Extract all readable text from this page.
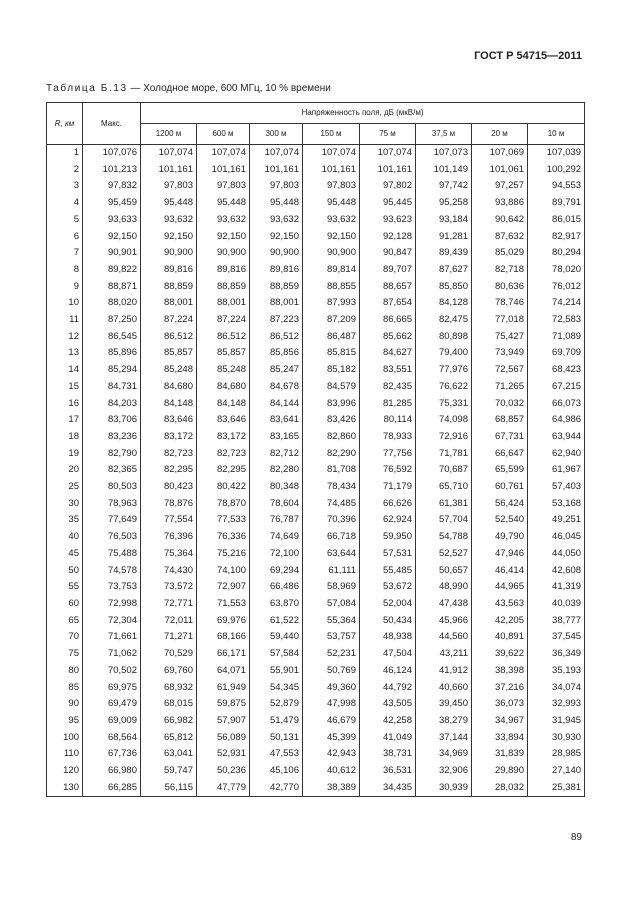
ГОСТ Р 54715—2011
Таблица Б.13 — Холодное море, 600 МГц, 10 % времени
R, км	Макс.	Напряженность поля, дБ (мкВ/м)							
		1200 м	600 м	300 м	150 м	75 м	37,5 м	20 м	10 м
1	107,076	107,074	107,074	107,074	107,074	107,074	107,073	107,069	107,039
2	101,213	101,161	101,161	101,161	101,161	101,161	101,149	101,061	100,292
3	97,832	97,803	97,803	97,803	97,803	97,802	97,742	97,257	94,553
4	95,459	95,448	95,448	95,448	95,448	95,445	95,258	93,886	89,791
5	93,633	93,632	93,632	93,632	93,632	93,623	93,184	90,642	86,015
6	92,150	92,150	92,150	92,150	92,150	92,128	91,281	87,632	82,917
7	90,901	90,900	90,900	90,900	90,900	90,847	89,439	85,029	80,294
8	89,822	89,816	89,816	89,816	89,814	89,707	87,627	82,718	78,020
9	88,871	88,859	88,859	88,859	88,855	88,657	85,850	80,636	76,012
10	88,020	88,001	88,001	88,001	87,993	87,654	84,128	78,746	74,214
11	87,250	87,224	87,224	87,223	87,209	86,665	82,475	77,018	72,583
12	86,545	86,512	86,512	86,512	86,487	85,662	80,898	75,427	71,089
13	85,896	85,857	85,857	85,856	85,815	84,627	79,400	73,949	69,709
14	85,294	85,248	85,248	85,247	85,182	83,551	77,976	72,567	68,423
15	84,731	84,680	84,680	84,678	84,579	82,435	76,622	71,265	67,215
16	84,203	84,148	84,148	84,144	83,996	81,285	75,331	70,032	66,073
17	83,706	83,646	83,646	83,641	83,426	80,114	74,098	68,857	64,986
18	83,236	83,172	83,172	83,165	82,860	78,933	72,916	67,731	63,944
19	82,790	82,723	82,723	82,712	82,290	77,756	71,781	66,647	62,940
20	82,365	82,295	82,295	82,280	81,708	76,592	70,687	65,599	61,967
25	80,503	80,423	80,422	80,348	78,434	71,179	65,710	60,761	57,403
30	78,963	78,876	78,870	78,604	74,485	66,626	61,381	56,424	53,168
35	77,649	77,554	77,533	76,787	70,396	62,924	57,704	52,540	49,251
40	76,503	76,396	76,336	74,649	66,718	59,950	54,788	49,790	46,045
45	75,488	75,364	75,216	72,100	63,644	57,531	52,527	47,946	44,050
50	74,578	74,430	74,100	69,294	61,111	55,485	50,657	46,414	42,608
55	73,753	73,572	72,907	66,486	58,969	53,672	48,990	44,965	41,319
60	72,998	72,771	71,553	63,870	57,084	52,004	47,438	43,563	40,039
65	72,304	72,011	69,976	61,522	55,364	50,434	45,966	42,205	38,777
70	71,661	71,271	68,166	59,440	53,757	48,938	44,560	40,891	37,545
75	71,062	70,529	66,171	57,584	52,231	47,504	43,211	39,622	36,349
80	70,502	69,760	64,071	55,901	50,769	46,124	41,912	38,398	35,193
85	69,975	68,932	61,949	54,345	49,360	44,792	40,660	37,216	34,074
90	69,479	68,015	59,875	52,879	47,998	43,505	39,450	36,073	32,993
95	69,009	66,982	57,907	51,479	46,679	42,258	38,279	34,967	31,945
100	68,564	65,812	56,089	50,131	45,399	41,049	37,144	33,894	30,930
110	67,736	63,041	52,931	47,553	42,943	38,731	34,969	31,839	28,985
120	66,980	59,747	50,236	45,106	40,612	36,531	32,906	29,890	27,140
130	66,285	56,115	47,779	42,770	38,389	34,435	30,939	28,032	25,381
89
